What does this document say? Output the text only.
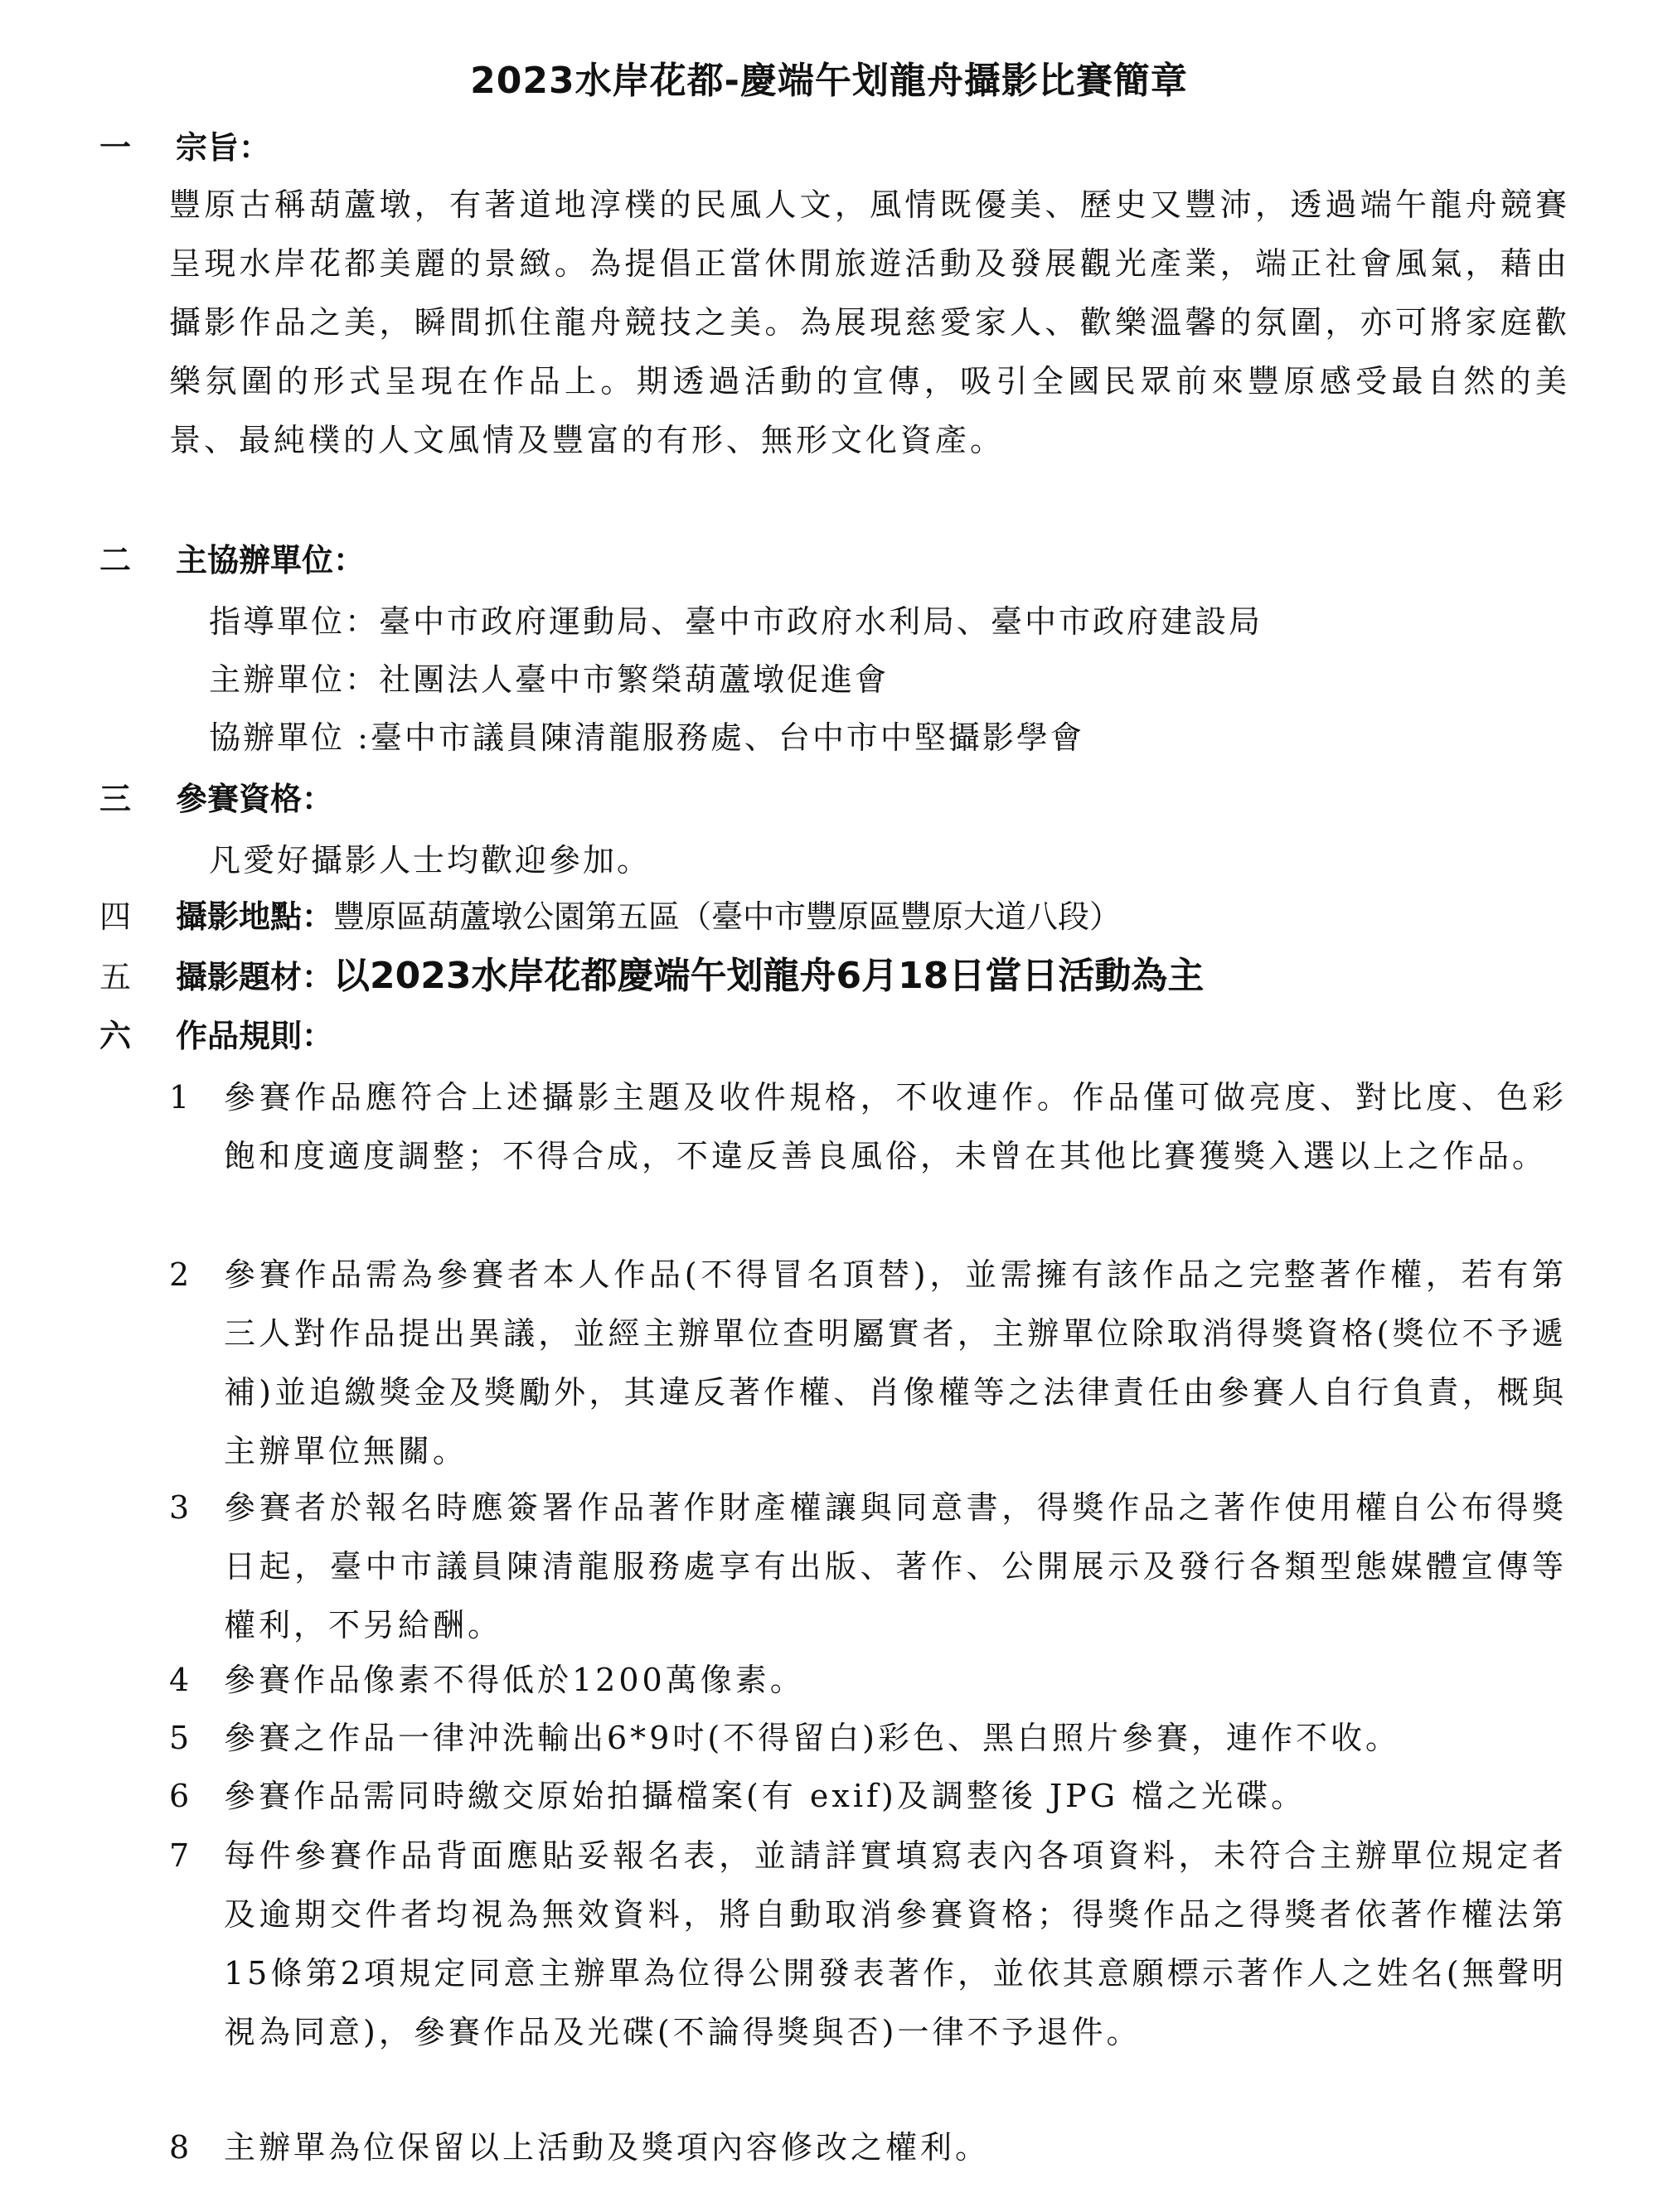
2023水岸花都-慶端午划龍舟攝影比賽簡章
一 宗旨：
豐原古稱葫蘆墩，有著道地淳樸的民風人文，風情既優美、歷史又豐沛，透過端午龍舟競賽呈現水岸花都美麗的景緻。為提倡正當休閒旅遊活動及發展觀光產業，端正社會風氣，藉由攝影作品之美，瞬間抓住龍舟競技之美。為展現慈愛家人、歡樂溫馨的氛圍，亦可將家庭歡樂氛圍的形式呈現在作品上。期透過活動的宣傳，吸引全國民眾前來豐原感受最自然的美景、最純樸的人文風情及豐富的有形、無形文化資產。
二 主協辦單位：
指導單位：臺中市政府運動局、臺中市政府水利局、臺中市政府建設局
主辦單位：社團法人臺中市繁榮葫蘆墩促進會
協辦單位 :臺中市議員陳清龍服務處、台中市中堅攝影學會
三 參賽資格：
凡愛好攝影人士均歡迎參加。
四 攝影地點：豐原區葫蘆墩公園第五區（臺中市豐原區豐原大道八段）
五 攝影題材：以2023水岸花都慶端午划龍舟6月18日當日活動為主
六 作品規則：
1 參賽作品應符合上述攝影主題及收件規格，不收連作。作品僅可做亮度、對比度、色彩飽和度適度調整；不得合成，不違反善良風俗，未曾在其他比賽獲獎入選以上之作品。
2 參賽作品需為參賽者本人作品(不得冒名頂替)，並需擁有該作品之完整著作權，若有第三人對作品提出異議，並經主辦單位查明屬實者，主辦單位除取消得獎資格(獎位不予遞補)並追繳獎金及獎勵外，其違反著作權、肖像權等之法律責任由參賽人自行負責，概與主辦單位無關。
3 參賽者於報名時應簽署作品著作財產權讓與同意書，得獎作品之著作使用權自公布得獎日起，臺中市議員陳清龍服務處享有出版、著作、公開展示及發行各類型態媒體宣傳等權利，不另給酬。
4 參賽作品像素不得低於1200萬像素。
5 參賽之作品一律沖洗輸出6*9吋(不得留白)彩色、黑白照片參賽，連作不收。
6 參賽作品需同時繳交原始拍攝檔案(有 exif)及調整後 JPG 檔之光碟。
7 每件參賽作品背面應貼妥報名表，並請詳實填寫表內各項資料，未符合主辦單位規定者及逾期交件者均視為無效資料，將自動取消參賽資格；得獎作品之得獎者依著作權法第15條第2項規定同意主辦單為位得公開發表著作，並依其意願標示著作人之姓名(無聲明視為同意)，參賽作品及光碟(不論得獎與否)一律不予退件。
8 主辦單為位保留以上活動及獎項內容修改之權利。
